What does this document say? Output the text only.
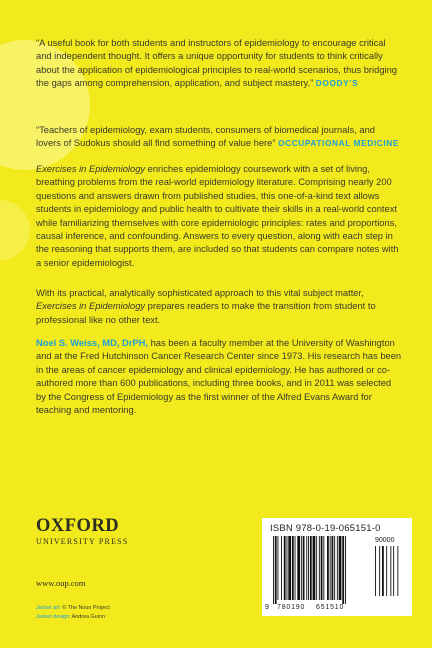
“A useful book for both students and instructors of epidemiology to encourage critical and independent thought. It offers a unique opportunity for students to think critically about the application of epidemiological principles to real-world scenarios, thus bridging the gaps among comprehension, application, and subject mastery.” DOODY’S
“Teachers of epidemiology, exam students, consumers of biomedical journals, and lovers of Sudokus should all find something of value here” OCCUPATIONAL MEDICINE
Exercises in Epidemiology enriches epidemiology coursework with a set of living, breathing problems from the real-world epidemiology literature. Comprising nearly 200 questions and answers drawn from published studies, this one-of-a-kind text allows students in epidemiology and public health to cultivate their skills in a real-world context while familiarizing themselves with core epidemiologic principles: rates and proportions, causal inference, and confounding. Answers to every question, along with each step in the reasoning that supports them, are included so that students can compare notes with a senior epidemiologist.
With its practical, analytically sophisticated approach to this vital subject matter, Exercises in Epidemiology prepares readers to make the transition from student to professional like no other text.
Noel S. Weiss, MD, DrPH, has been a faculty member at the University of Washington and at the Fred Hutchinson Cancer Research Center since 1973. His research has been in the areas of cancer epidemiology and clinical epidemiology. He has authored or co-authored more than 600 publications, including three books, and in 2011 was selected by the Congress of Epidemiology as the first winner of the Alfred Evans Award for teaching and mentoring.
OXFORD
UNIVERSITY PRESS
www.oup.com
Jacket art: © The Noun Project
Jacket design: Andrea Guinn
ISBN 978-0-19-065151-0
90000
9 780190 651510
